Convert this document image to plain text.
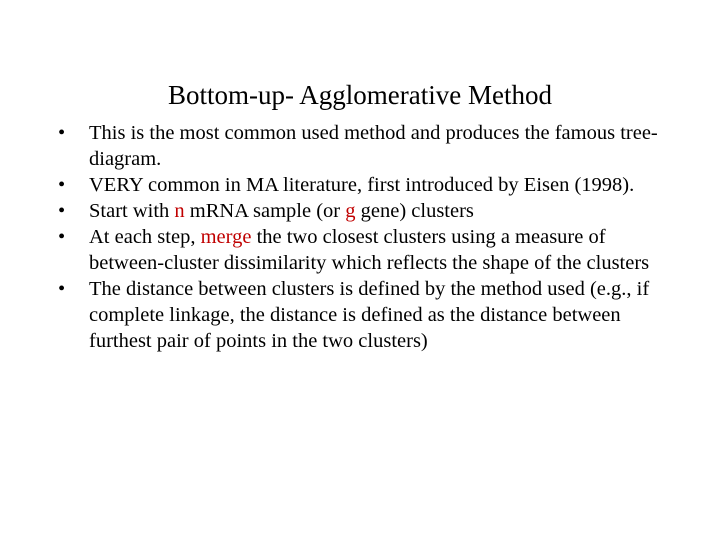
Bottom-up- Agglomerative Method
•	This is the most common used method and produces the famous tree-diagram.
•	VERY common in MA literature, first introduced by Eisen (1998).
•	Start with n mRNA sample (or g gene) clusters
•	At each step, merge the two closest clusters using a measure of between-cluster dissimilarity which reflects the shape of the clusters
•	The distance between clusters is defined by the method used (e.g., if complete linkage, the distance is defined as the distance between furthest pair of points in the two clusters)
